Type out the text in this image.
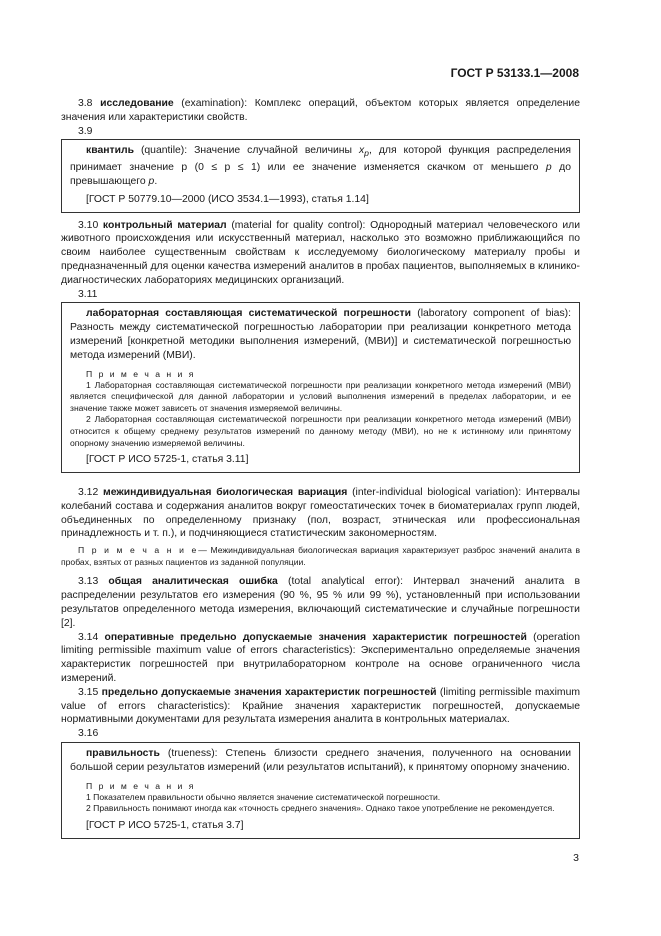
ГОСТ Р 53133.1—2008

3.8 исследование (examination): Комплекс операций, объектом которых является определение значения или характеристики свойств.

3.9

квантиль (quantile): Значение случайной величины $x_p$, для которой функция распределения принимает значение p (0 ≤ p ≤ 1) или ее значение изменяется скачком от меньшего p до превышающего p.

[ГОСТ Р 50779.10—2000 (ИСО 3534.1—1993), статья 1.14]

3.10 контрольный материал (material for quality control): Однородный материал человеческого или животного происхождения или искусственный материал, насколько это возможно приближающийся по своим наиболее существенным свойствам к исследуемому биологическому материалу пробы и предназначенный для оценки качества измерений аналитов в пробах пациентов, выполняемых в клинико-диагностических лабораториях медицинских организаций.

3.11

лабораторная составляющая систематической погрешности (laboratory component of bias): Разность между систематической погрешностью лаборатории при реализации конкретного метода измерений [конкретной методики выполнения измерений, (МВИ)] и систематической погрешностью метода измерений (МВИ).

П р и м е ч а н и я

1 Лабораторная составляющая систематической погрешности при реализации конкретного метода измерений (МВИ) является специфической для данной лаборатории и условий выполнения измерений в пределах лаборатории, и ее значение также может зависеть от значения измеряемой величины.

2 Лабораторная составляющая систематической погрешности при реализации конкретного метода измерений (МВИ) относится к общему среднему результатов измерений по данному методу (МВИ), но не к истинному или принятому опорному значению измеряемой величины.

[ГОСТ Р ИСО 5725-1, статья 3.11]

3.12 межиндивидуальная биологическая вариация (inter-individual biological variation): Интервалы колебаний состава и содержания аналитов вокруг гомеостатических точек в биоматериалах групп людей, объединенных по определенному признаку (пол, возраст, этническая или профессиональная принадлежность и т. п.), и подчиняющиеся статистическим закономерностям.

П р и м е ч а н и е— Межиндивидуальная биологическая вариация характеризует разброс значений аналита в пробах, взятых от разных пациентов из заданной популяции.

3.13 общая аналитическая ошибка (total analytical error): Интервал значений аналита в распределении результатов его измерения (90 %, 95 % или 99 %), установленный при использовании результатов определенного метода измерения, включающий систематические и случайные погрешности [2].

3.14 оперативные предельно допускаемые значения характеристик погрешностей (operation limiting permissible maximum value of errors characteristics): Экспериментально определяемые значения характеристик погрешностей при внутрилабораторном контроле на основе ограниченного числа измерений.

3.15 предельно допускаемые значения характеристик погрешностей (limiting permissible maximum value of errors characteristics): Крайние значения характеристик погрешностей, допускаемые нормативными документами для результата измерения аналита в контрольных материалах.

3.16

правильность (trueness): Степень близости среднего значения, полученного на основании большой серии результатов измерений (или результатов испытаний), к принятому опорному значению.

П р и м е ч а н и я

1 Показателем правильности обычно является значение систематической погрешности.

2 Правильность понимают иногда как «точность среднего значения». Однако такое употребление не рекомендуется.

[ГОСТ Р ИСО 5725-1, статья 3.7]
3
